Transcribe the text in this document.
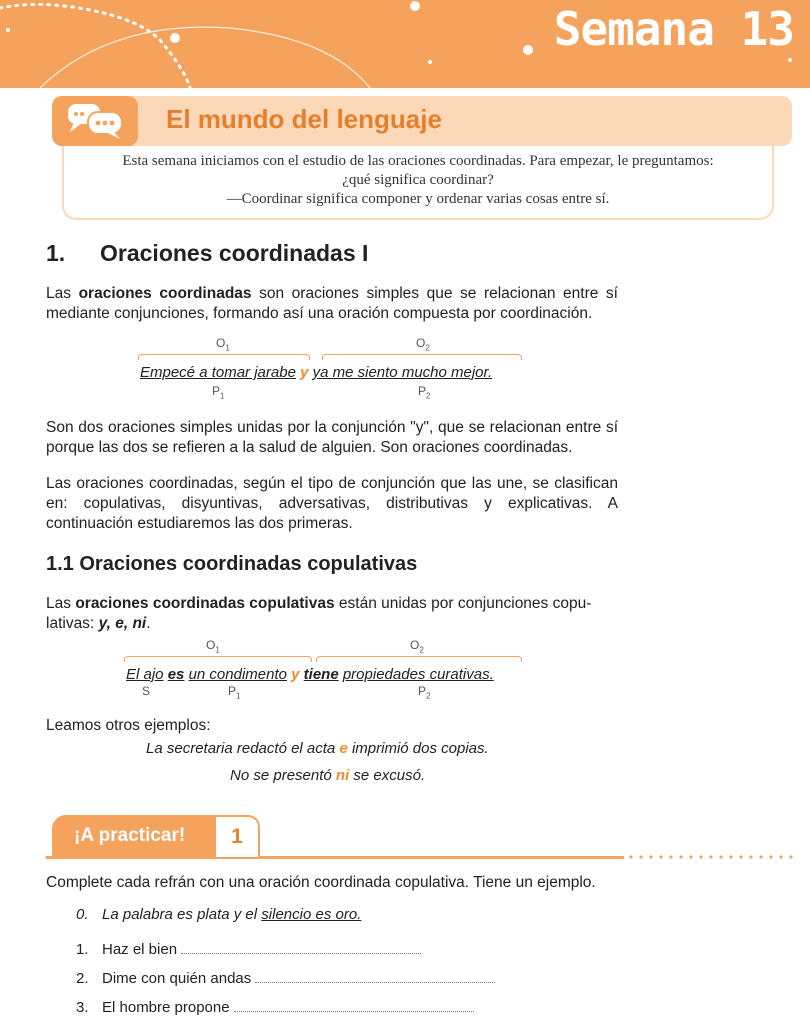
Semana 13
Esta semana iniciamos con el estudio de las oraciones coordinadas. Para empezar, le preguntamos:
¿qué significa coordinar?
—Coordinar significa componer y ordenar varias cosas entre sí.
El mundo del lenguaje
1. Oraciones coordinadas I
Las oraciones coordinadas son oraciones simples que se relacionan entre sí mediante conjunciones, formando así una oración compuesta por coordinación.
$O_1$	$O_2$
Empecé a tomar jarabe y ya me siento mucho mejor.
$P_1$	$P_2$
Son dos oraciones simples unidas por la conjunción "y", que se relacionan entre sí porque las dos se refieren a la salud de alguien. Son oraciones coordinadas.
Las oraciones coordinadas, según el tipo de conjunción que las une, se clasifican en: copulativas, disyuntivas, adversativas, distributivas y explicativas. A continuación estudiaremos las dos primeras.
1.1 Oraciones coordinadas copulativas
Las oraciones coordinadas copulativas están unidas por conjunciones copu-
lativas: y, e, ni.
$O_1$	$O_2$
El ajo es un condimento y tiene propiedades curativas.
S	$P_1$	$P_2$
Leamos otros ejemplos:
La secretaria redactó el acta e imprimió dos copias.
No se presentó ni se excusó.
¡A practicar!	1
Complete cada refrán con una oración coordinada copulativa. Tiene un ejemplo.
0. La palabra es plata y el silencio es oro.
1. Haz el bien
2. Dime con quién andas
3. El hombre propone
